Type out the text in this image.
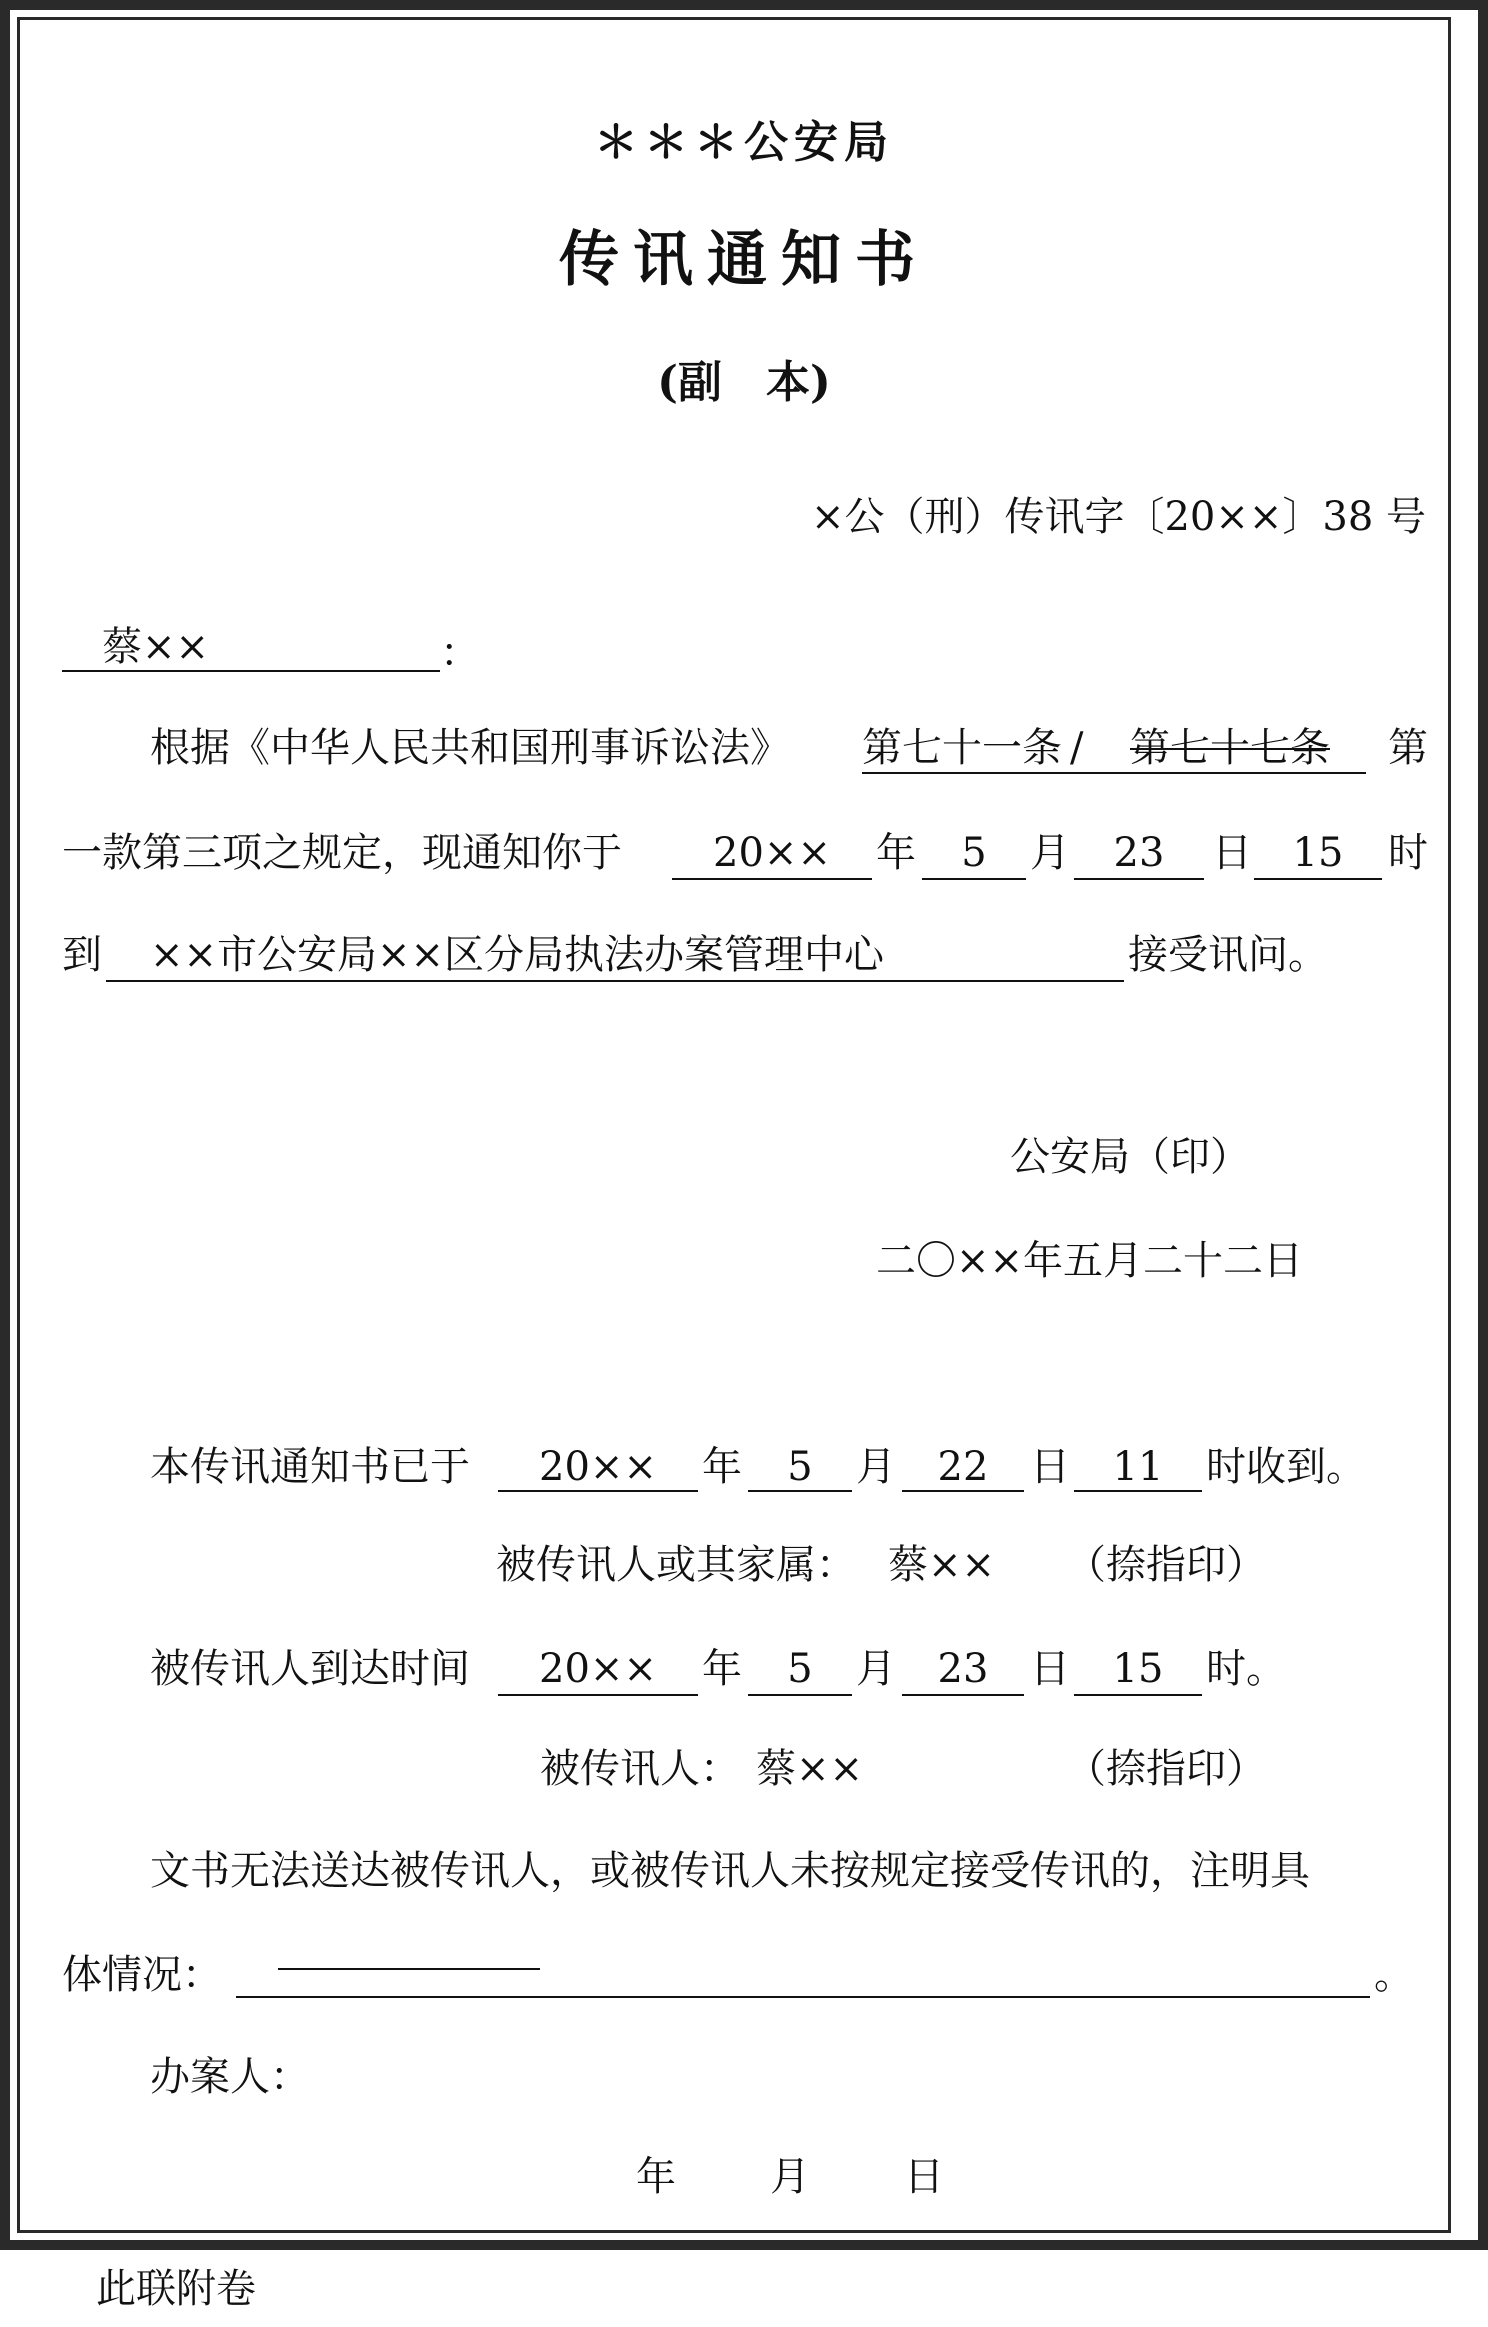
＊＊＊公安局
传讯通知书
(副　本)
×公（刑）传讯字〔20××〕38 号
蔡××	：
根据《中华人民共和国刑事诉讼法》 第七十一条 / 第七十七条 第
一款第三项之规定，现通知你于	20××	年	5	月	23	日	15	时
到 ××市公安局××区分局执法办案管理中心	接受讯问。
公安局（印）
二〇××年五月二十二日
本传讯通知书已于	20××	年	5	月	22	日	11	时收到。
被传讯人或其家属： 蔡×× （捺指印）
被传讯人到达时间	20××	年	5	月	23	日	15	时。
被传讯人： 蔡××	（捺指印）
文书无法送达被传讯人，或被传讯人未按规定接受传讯的，注明具
体情况：	。
办案人：
年 月 日
此联附卷
